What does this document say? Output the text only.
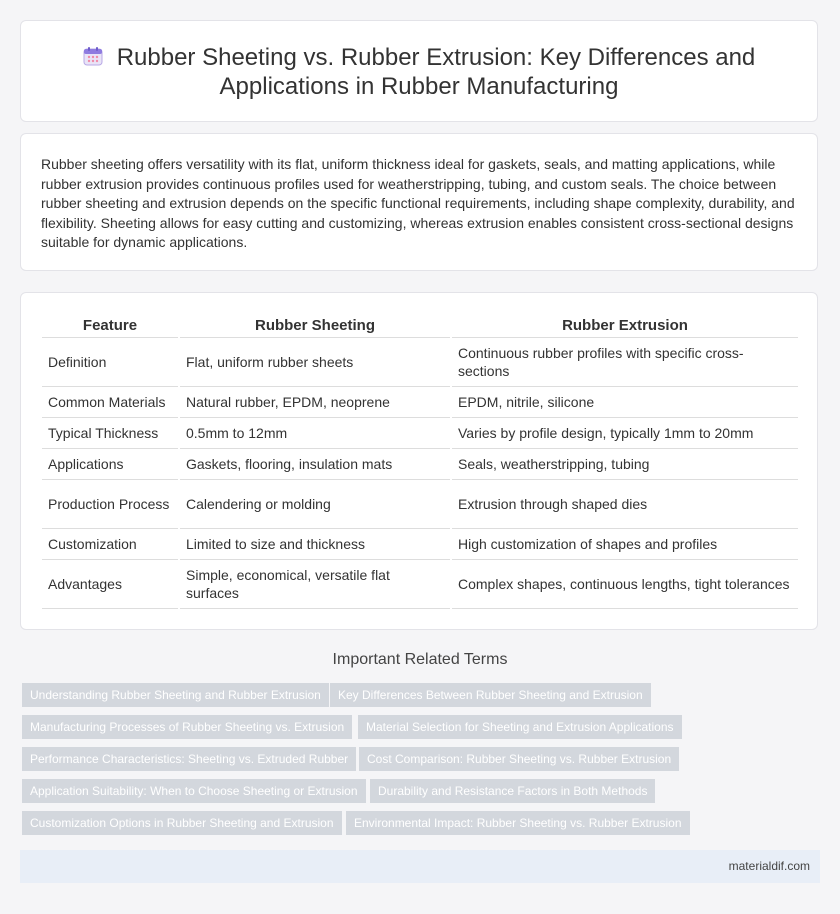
Rubber Sheeting vs. Rubber Extrusion: Key Differences and
Applications in Rubber Manufacturing

Rubber sheeting offers versatility with its flat, uniform thickness ideal for gaskets, seals, and matting applications, while rubber extrusion provides continuous profiles used for weatherstripping, tubing, and custom seals. The choice between rubber sheeting and extrusion depends on the specific functional requirements, including shape complexity, durability, and flexibility. Sheeting allows for easy cutting and customizing, whereas extrusion enables consistent cross-sectional designs suitable for dynamic applications.

Feature	Rubber Sheeting	Rubber Extrusion
Definition	Flat, uniform rubber sheets	Continuous rubber profiles with specific cross-sections
Common Materials	Natural rubber, EPDM, neoprene	EPDM, nitrile, silicone
Typical Thickness	0.5mm to 12mm	Varies by profile design, typically 1mm to 20mm
Applications	Gaskets, flooring, insulation mats	Seals, weatherstripping, tubing
Production Process	Calendering or molding	Extrusion through shaped dies
Customization	Limited to size and thickness	High customization of shapes and profiles
Advantages	Simple, economical, versatile flat surfaces	Complex shapes, continuous lengths, tight tolerances
Important Related Terms
Understanding Rubber Sheeting and Rubber Extrusion	Key Differences Between Rubber Sheeting and Extrusion
Manufacturing Processes of Rubber Sheeting vs. Extrusion	Material Selection for Sheeting and Extrusion Applications
Performance Characteristics: Sheeting vs. Extruded Rubber	Cost Comparison: Rubber Sheeting vs. Rubber Extrusion
Application Suitability: When to Choose Sheeting or Extrusion	Durability and Resistance Factors in Both Methods
Customization Options in Rubber Sheeting and Extrusion	Environmental Impact: Rubber Sheeting vs. Rubber Extrusion
materialdif.com
